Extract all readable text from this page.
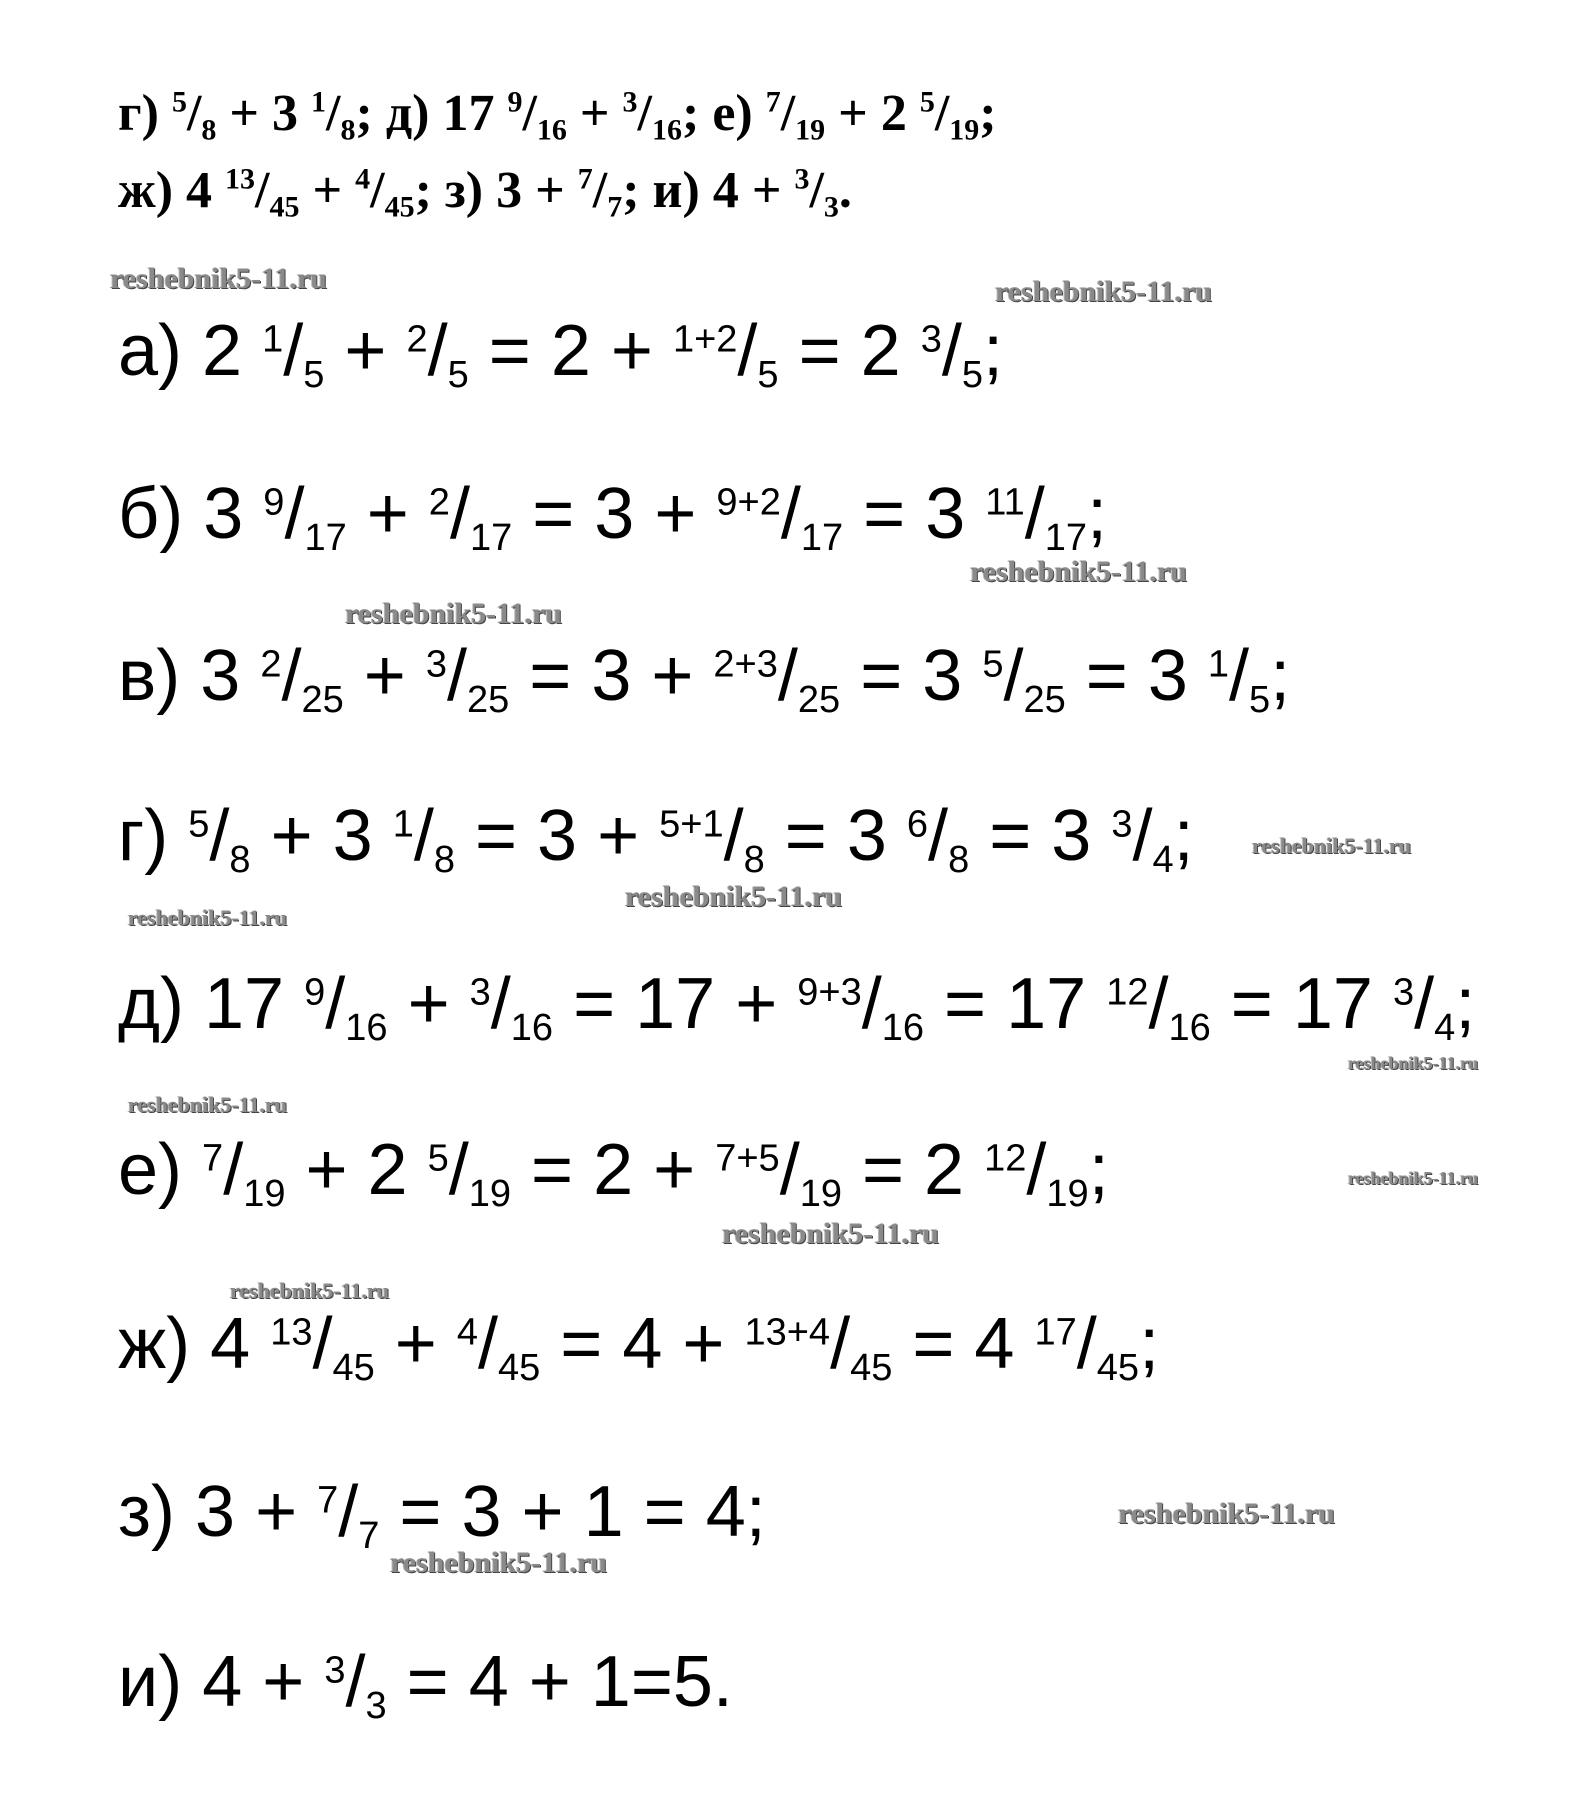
г) $^5/_8 + 3$ $^1/_8$; д) 17 $^9/_{16} + ^3/_{16}$; е) $^7/_{19} + 2$ $^5/_{19}$;
ж) 4 $^{13}/_{45} + ^4/_{45}$; з) $3 + ^7/_7$; и) $4 + ^3/_3$.
а) 2 $^1/_5 + ^2/_5 = 2 + ^{1+2}/_5 = 2$ $^3/_5$;
б) 3 $^9/_{17} + ^2/_{17} = 3 + ^{9+2}/_{17} = 3$ $^{11}/_{17}$;
в) 3 $^2/_{25} + ^3/_{25} = 3 + ^{2+3}/_{25} = 3$ $^5/_{25} = 3$ $^1/_5$;
г) $^5/_8 + 3$ $^1/_8 = 3 + ^{5+1}/_8 = 3$ $^6/_8 = 3$ $^3/_4$;
д) 17 $^9/_{16} + ^3/_{16} = 17 + ^{9+3}/_{16} = 17$ $^{12}/_{16} = 17$ $^3/_4$;
е) $^7/_{19} + 2$ $^5/_{19} = 2 + ^{7+5}/_{19} = 2$ $^{12}/_{19}$;
ж) 4 $^{13}/_{45} + ^4/_{45} = 4 + ^{13+4}/_{45} = 4$ $^{17}/_{45}$;
з) $3 + ^7/_7 = 3 + 1 = 4$;
и) $4 + ^3/_3 = 4 + 1=5$.
reshebnik5-11.ru	reshebnik5-11.ru
reshebnik5-11.ru
reshebnik5-11.ru
reshebnik5-11.ru
reshebnik5-11.ru
reshebnik5-11.ru
reshebnik5-11.ru
reshebnik5-11.ru
reshebnik5-11.ru
reshebnik5-11.ru
reshebnik5-11.ru
reshebnik5-11.ru
reshebnik5-11.ru
